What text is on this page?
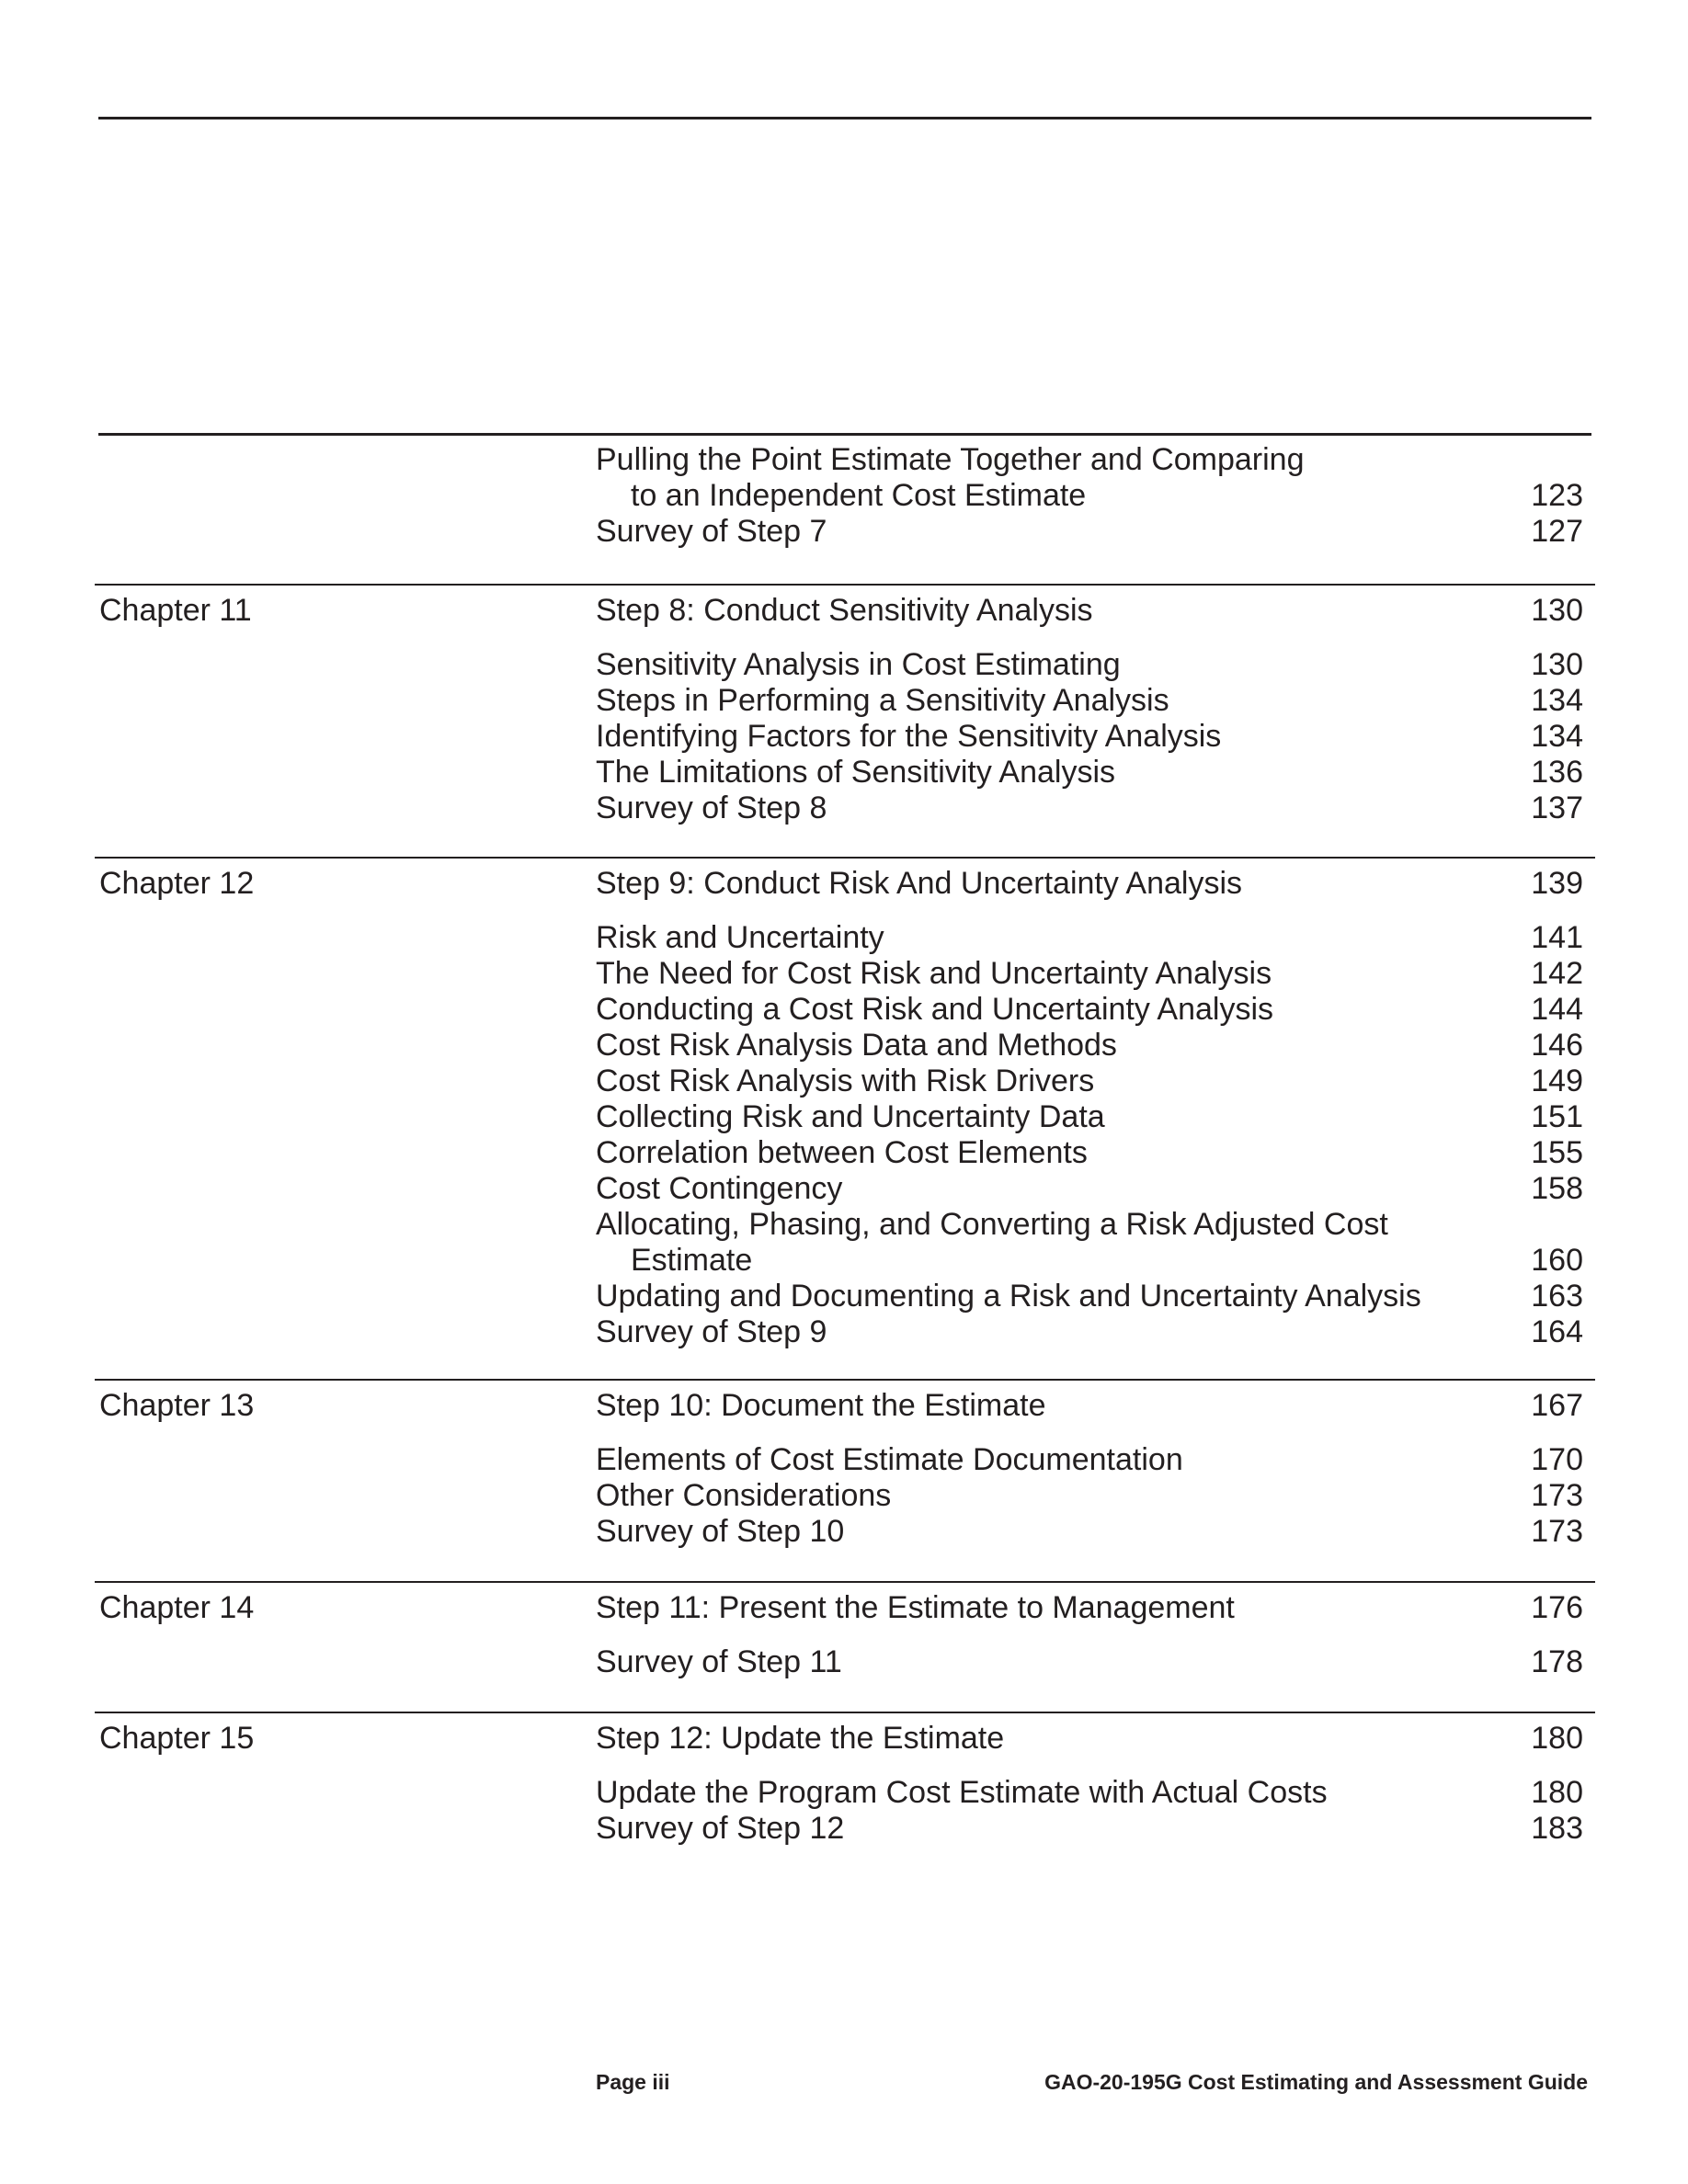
Pulling the Point Estimate Together and Comparing
to an Independent Cost Estimate	123
Survey of Step 7	127
Chapter 11	Step 8: Conduct Sensitivity Analysis	130
Sensitivity Analysis in Cost Estimating	130
Steps in Performing a Sensitivity Analysis	134
Identifying Factors for the Sensitivity Analysis	134
The Limitations of Sensitivity Analysis	136
Survey of Step 8	137
Chapter 12	Step 9: Conduct Risk And Uncertainty Analysis	139
Risk and Uncertainty	141
The Need for Cost Risk and Uncertainty Analysis	142
Conducting a Cost Risk and Uncertainty Analysis	144
Cost Risk Analysis Data and Methods	146
Cost Risk Analysis with Risk Drivers	149
Collecting Risk and Uncertainty Data	151
Correlation between Cost Elements	155
Cost Contingency	158
Allocating, Phasing, and Converting a Risk Adjusted Cost
Estimate	160
Updating and Documenting a Risk and Uncertainty Analysis	163
Survey of Step 9	164
Chapter 13	Step 10: Document the Estimate	167
Elements of Cost Estimate Documentation	170
Other Considerations	173
Survey of Step 10	173
Chapter 14	Step 11: Present the Estimate to Management	176
Survey of Step 11	178
Chapter 15	Step 12: Update the Estimate	180
Update the Program Cost Estimate with Actual Costs	180
Survey of Step 12	183
Page iii	GAO-20-195G Cost Estimating and Assessment Guide
